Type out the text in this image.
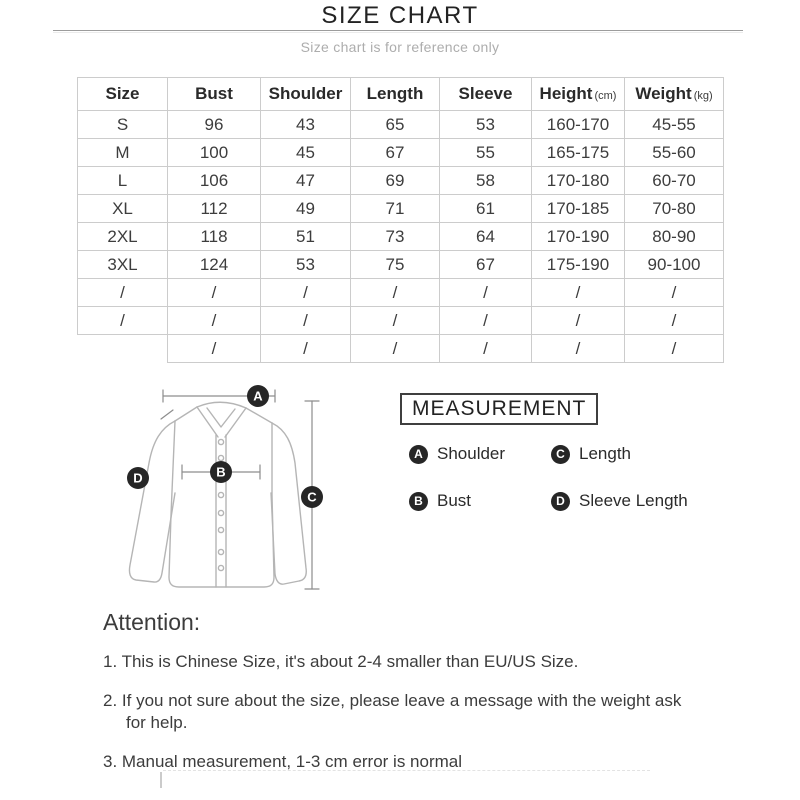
SIZE CHART

Size chart is for reference only

Size	Bust	Shoulder	Length	Sleeve	Height (cm)	Weight (kg)
S	96	43	65	53	160-170	45-55
M	100	45	67	55	165-175	55-60
L	106	47	69	58	170-180	60-70
XL	112	49	71	61	170-185	70-80
2XL	118	51	73	64	170-190	80-90
3XL	124	53	75	67	175-190	90-100
/	/	/	/	/	/	/
/	/	/	/	/	/	/
	/	/	/	/	/	/
A
B
C
D
MEASUREMENT
A Shoulder	C Length
B Bust	D Sleeve Length
Attention:

1. This is Chinese Size, it's about 2-4 smaller than EU/US Size.

2. If you not sure about the size, please leave a message with the weight ask for help.

3. Manual measurement, 1-3 cm error is normal
